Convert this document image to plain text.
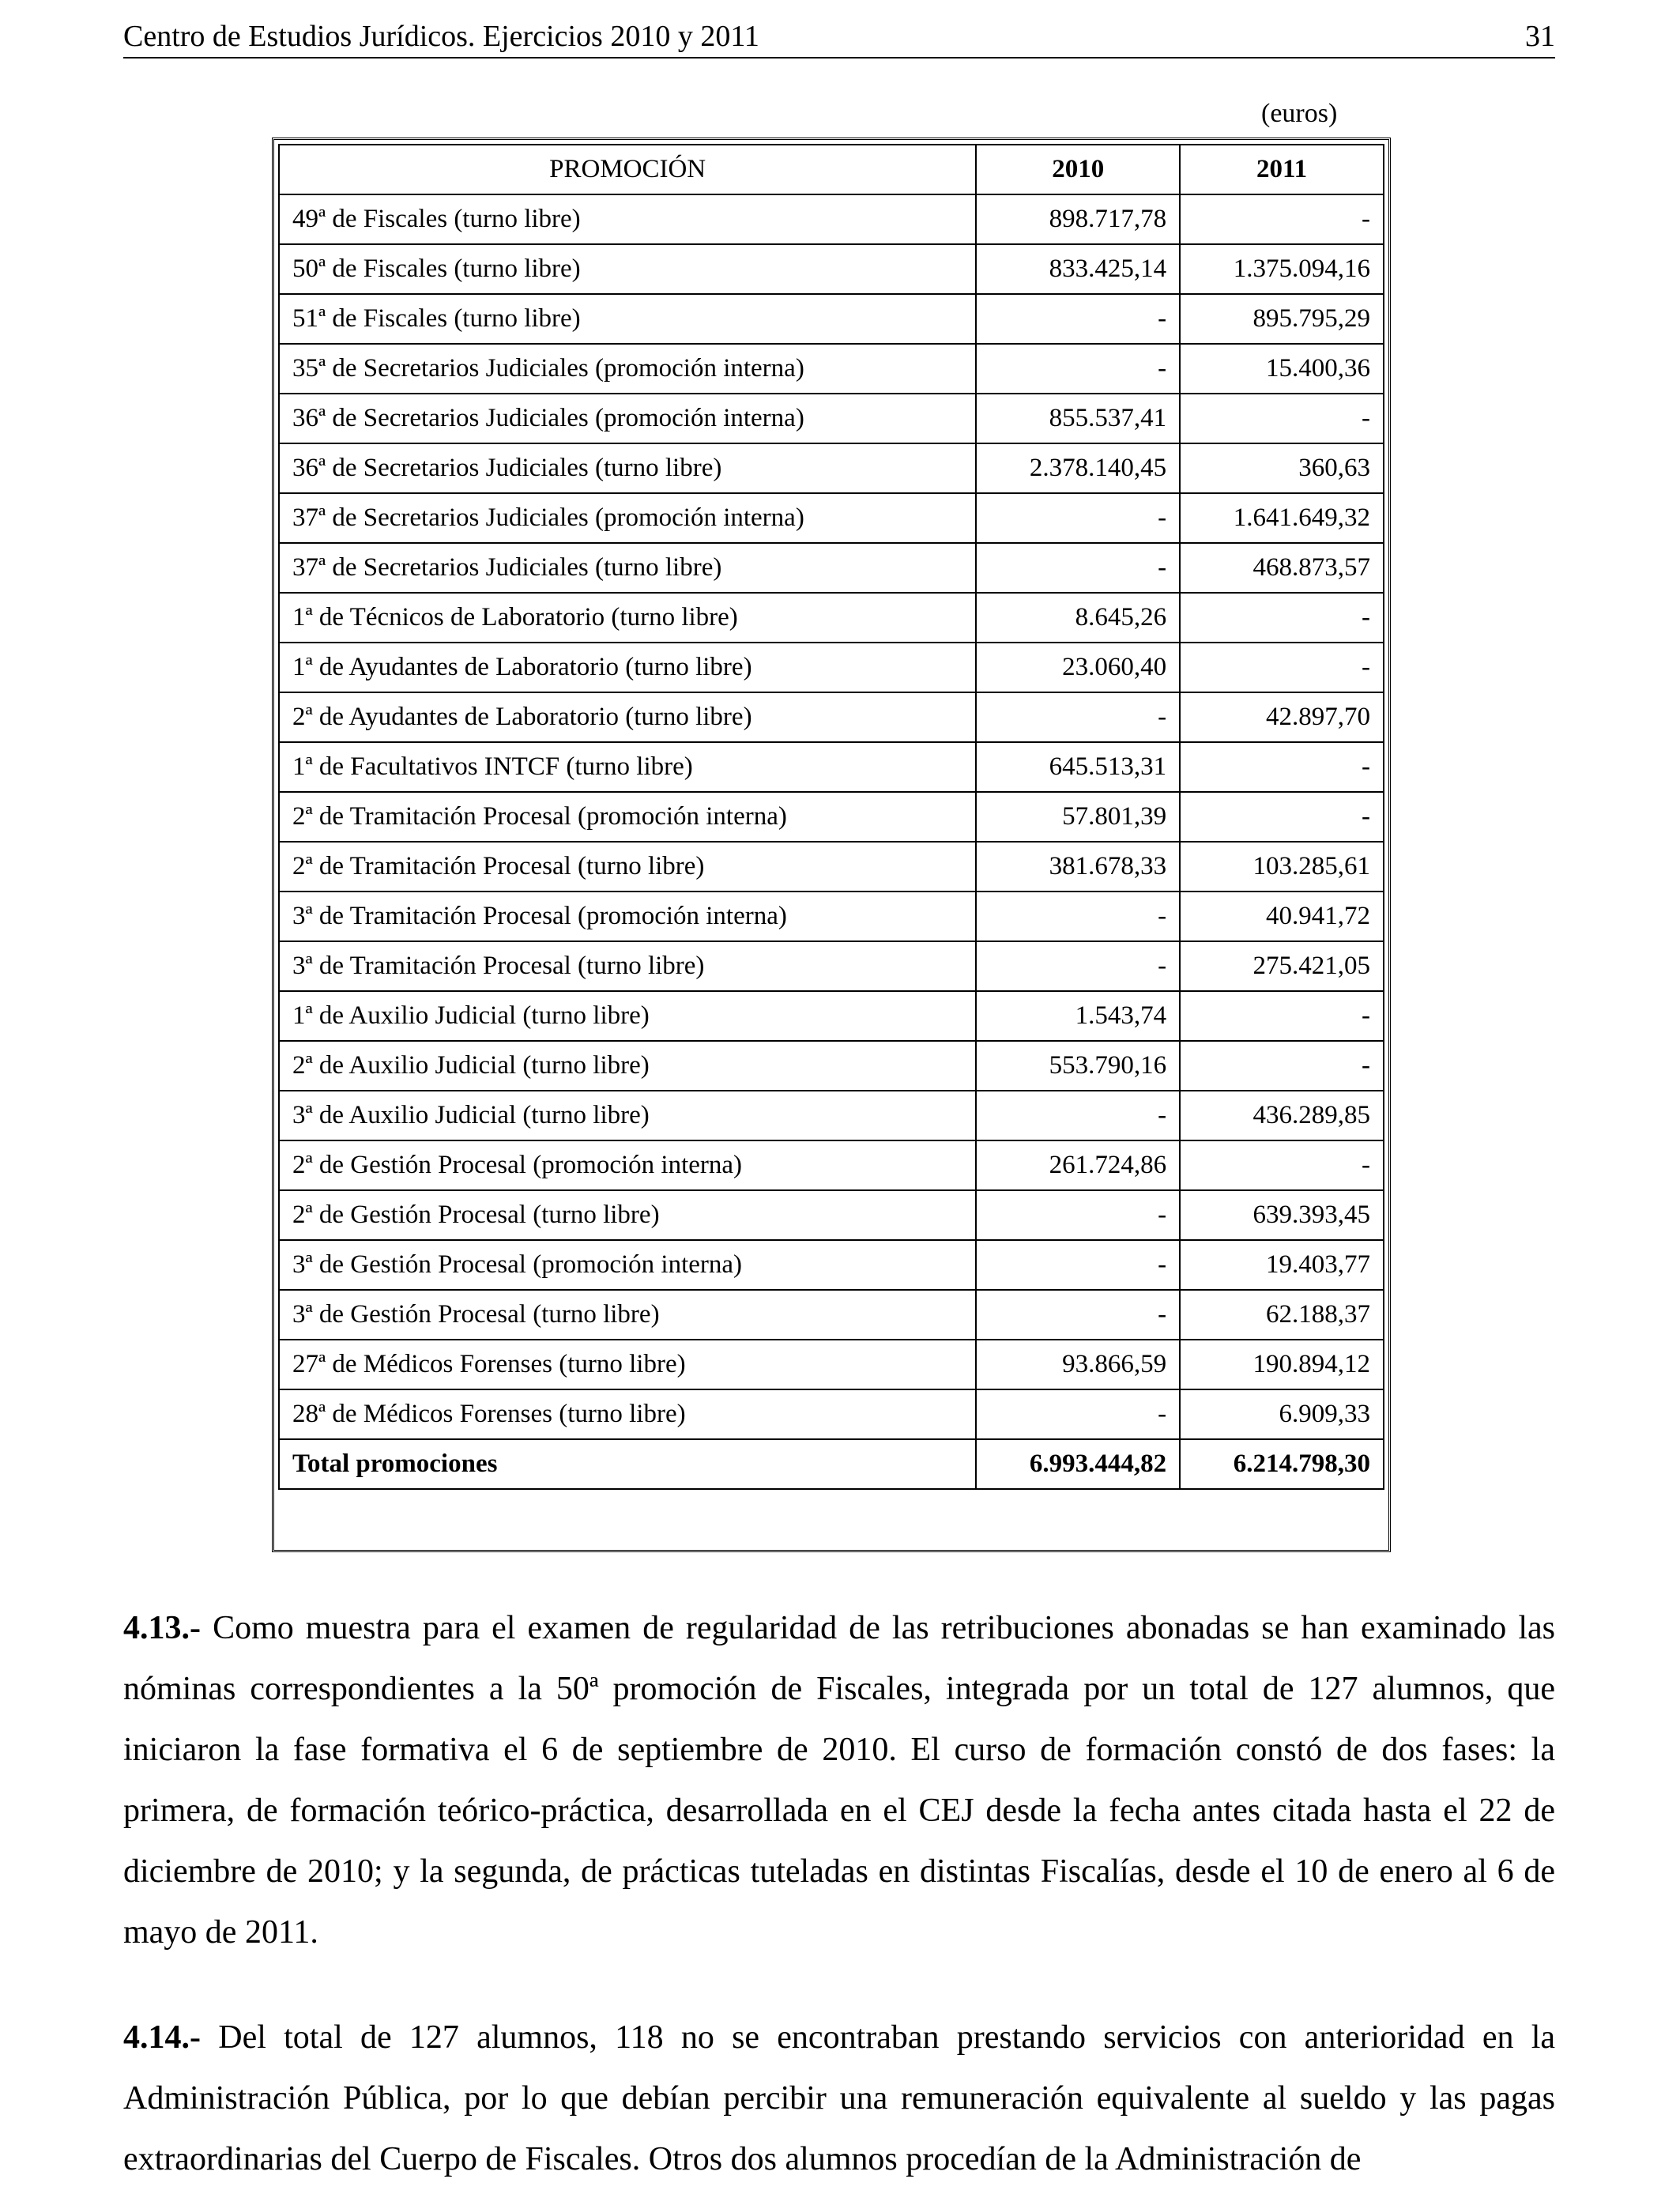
Centro de Estudios Jurídicos. Ejercicios 2010 y 2011	31
(euros)
PROMOCIÓN	2010	2011
49ª de Fiscales (turno libre)	898.717,78	-
50ª de Fiscales (turno libre)	833.425,14	1.375.094,16
51ª de Fiscales (turno libre)	-	895.795,29
35ª de Secretarios Judiciales (promoción interna)	-	15.400,36
36ª de Secretarios Judiciales (promoción interna)	855.537,41	-
36ª de Secretarios Judiciales (turno libre)	2.378.140,45	360,63
37ª de Secretarios Judiciales (promoción interna)	-	1.641.649,32
37ª de Secretarios Judiciales (turno libre)	-	468.873,57
1ª de Técnicos de Laboratorio (turno libre)	8.645,26	-
1ª de Ayudantes de Laboratorio (turno libre)	23.060,40	-
2ª de Ayudantes de Laboratorio (turno libre)	-	42.897,70
1ª de Facultativos INTCF (turno libre)	645.513,31	-
2ª de Tramitación Procesal (promoción interna)	57.801,39	-
2ª de Tramitación Procesal (turno libre)	381.678,33	103.285,61
3ª de Tramitación Procesal (promoción interna)	-	40.941,72
3ª de Tramitación Procesal (turno libre)	-	275.421,05
1ª de Auxilio Judicial (turno libre)	1.543,74	-
2ª de Auxilio Judicial (turno libre)	553.790,16	-
3ª de Auxilio Judicial (turno libre)	-	436.289,85
2ª de Gestión Procesal (promoción interna)	261.724,86	-
2ª de Gestión Procesal (turno libre)	-	639.393,45
3ª de Gestión Procesal (promoción interna)	-	19.403,77
3ª de Gestión Procesal (turno libre)	-	62.188,37
27ª de Médicos Forenses (turno libre)	93.866,59	190.894,12
28ª de Médicos Forenses (turno libre)	-	6.909,33
Total promociones	6.993.444,82	6.214.798,30
4.13.- Como muestra para el examen de regularidad de las retribuciones abonadas se han examinado las nóminas correspondientes a la 50ª promoción de Fiscales, integrada por un total de 127 alumnos, que iniciaron la fase formativa el 6 de septiembre de 2010. El curso de formación constó de dos fases: la primera, de formación teórico-práctica, desarrollada en el CEJ desde la fecha antes citada hasta el 22 de diciembre de 2010; y la segunda, de prácticas tuteladas en distintas Fiscalías, desde el 10 de enero al 6 de mayo de 2011.
4.14.- Del total de 127 alumnos, 118 no se encontraban prestando servicios con anterioridad en la Administración Pública, por lo que debían percibir una remuneración equivalente al sueldo y las pagas extraordinarias del Cuerpo de Fiscales. Otros dos alumnos procedían de la Administración de
